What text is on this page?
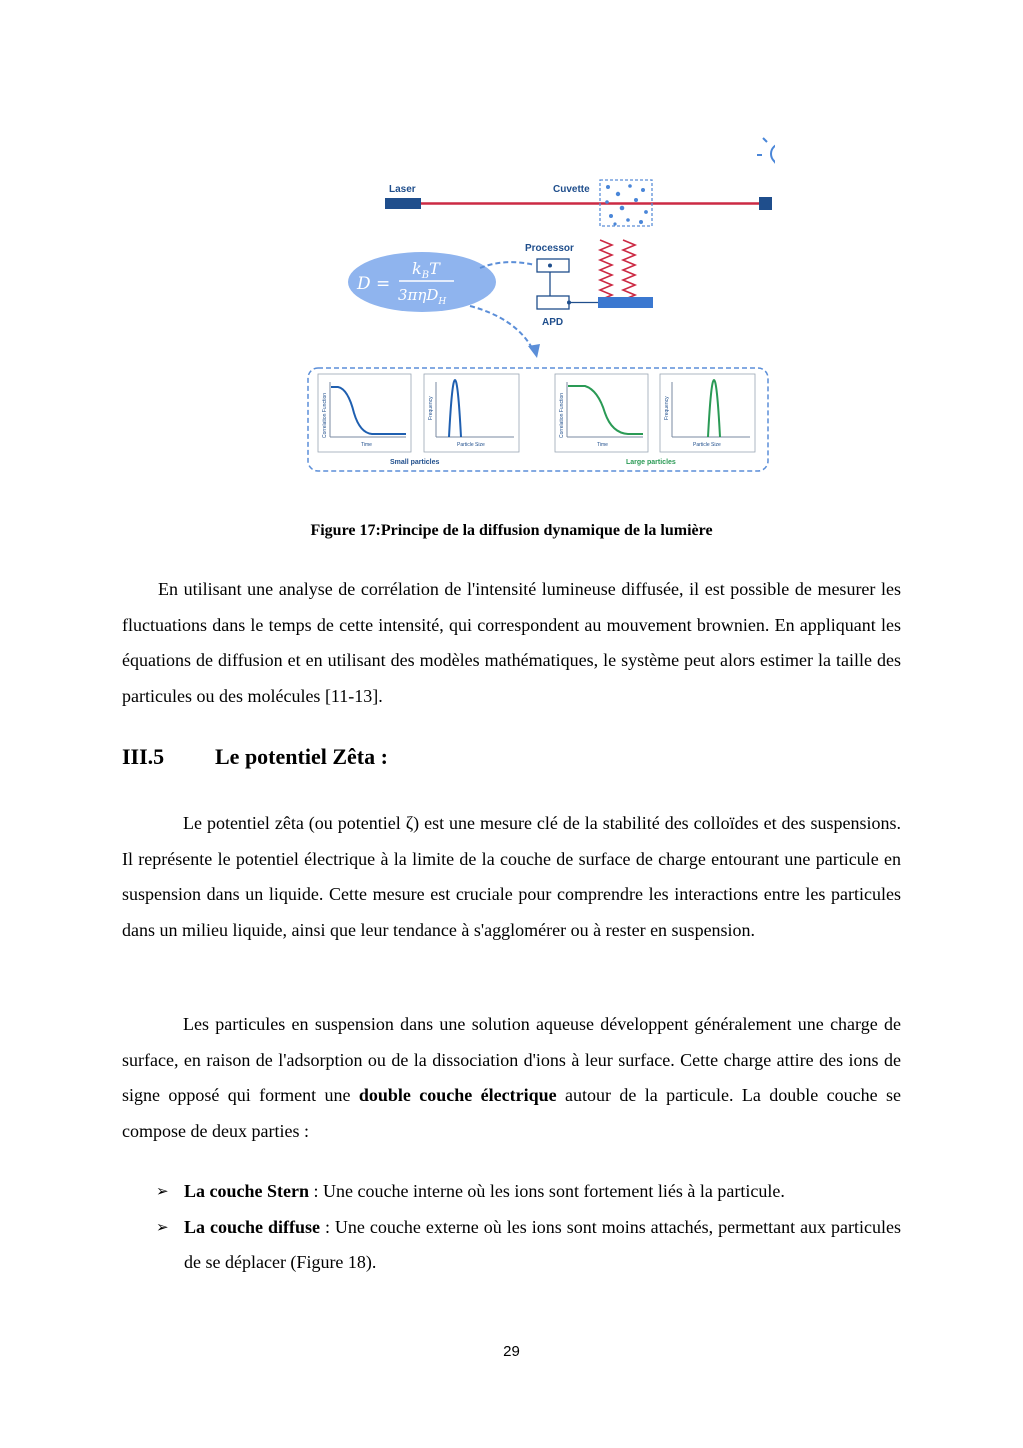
Laser	Cuvette
APD
Processor
D =
$k_BT$
3πηD$_H$
Time
Correlation Function
Particle Size
Frequency
Small particles
Time
Correlation Function
Particle Size
Frequency
Large particles
Figure 17:Principe de la diffusion dynamique de la lumière

En utilisant une analyse de corrélation de l'intensité lumineuse diffusée, il est possible de mesurer les fluctuations dans le temps de cette intensité, qui correspondent au mouvement brownien. En appliquant les équations de diffusion et en utilisant des modèles mathématiques, le système peut alors estimer la taille des particules ou des molécules [11-13].

III.5 Le potentiel Zêta :

Le potentiel zêta (ou potentiel ζ) est une mesure clé de la stabilité des colloïdes et des suspensions. Il représente le potentiel électrique à la limite de la couche de surface de charge entourant une particule en suspension dans un liquide. Cette mesure est cruciale pour comprendre les interactions entre les particules dans un milieu liquide, ainsi que leur tendance à s'agglomérer ou à rester en suspension.

Les particules en suspension dans une solution aqueuse développent généralement une charge de surface, en raison de l'adsorption ou de la dissociation d'ions à leur surface. Cette charge attire des ions de signe opposé qui forment une double couche électrique autour de la particule. La double couche se compose de deux parties :

➢ La couche Stern : Une couche interne où les ions sont fortement liés à la particule.
➢ La couche diffuse : Une couche externe où les ions sont moins attachés, permettant aux particules de se déplacer (Figure 18).
29
